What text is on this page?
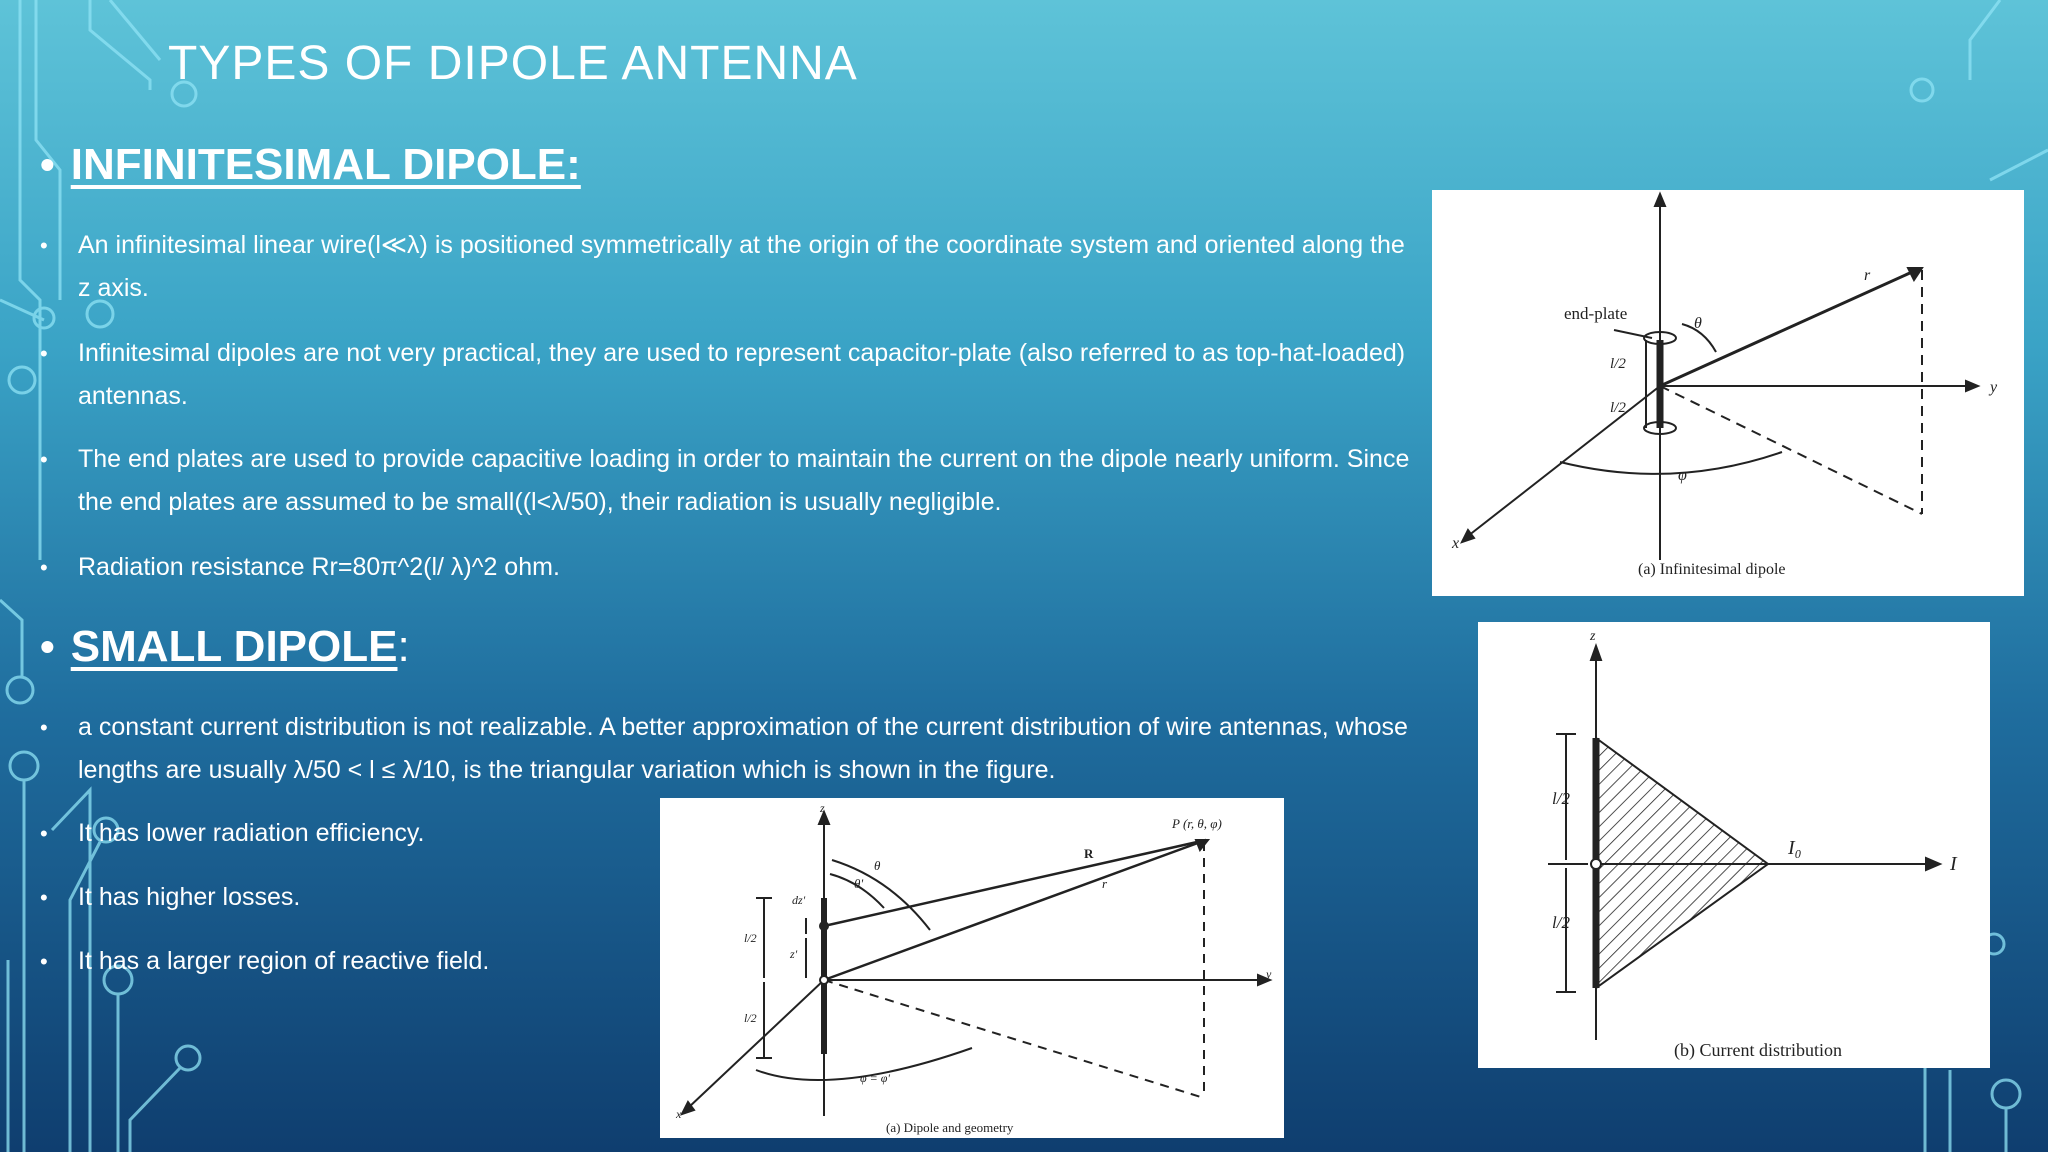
TYPES OF DIPOLE ANTENNA
• INFINITESIMAL DIPOLE:
•	An infinitesimal linear wire(l≪λ) is positioned symmetrically at the origin of the coordinate system and oriented along the z axis.
•	Infinitesimal dipoles are not very practical, they are used to represent capacitor-plate (also referred to as top-hat-loaded) antennas.
•	The end plates are used to provide capacitive loading in order to maintain the current on the dipole nearly uniform. Since the end plates are assumed to be small((l<λ/50), their radiation is usually negligible.
•	Radiation resistance Rr=80π^2(l/ λ)^2 ohm.
• SMALL DIPOLE :
•	a constant current distribution is not realizable. A better approximation of the current distribution of wire antennas, whose lengths are usually λ/50 < l ≤ λ/10, is the triangular variation which is shown in the figure.
•	It has lower radiation efficiency.
•	It has higher losses.
•	It has a larger region of reactive field.
end-plate
l/2
l/2
θ
φ
r
x
y
(a) Infinitesimal dipole
z
l/2
l/2
I₀
I
(b) Current distribution
z
P (r, θ, φ)
R
r
θ
θ'
dz'
z'
l/2
l/2
φ = φ'
x
y
(a) Dipole and geometry
